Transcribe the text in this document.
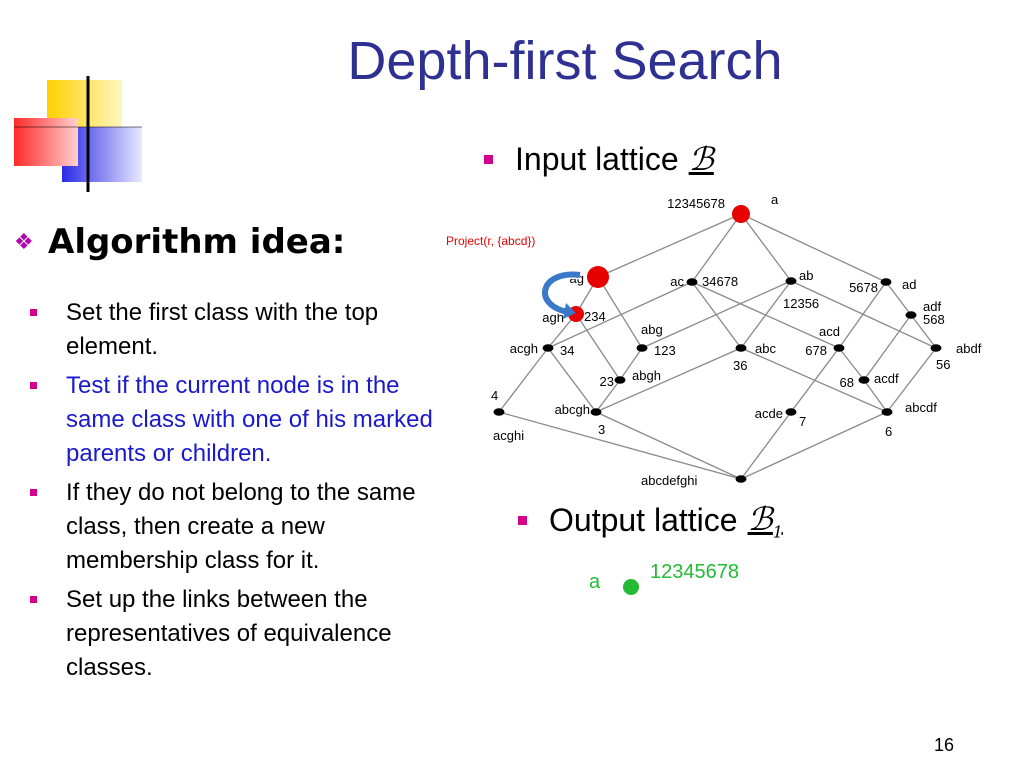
Depth-first Search
❖ Algorithm idea:
Set the first class with the top element.
Test if the current node is in the same class with one of his marked parents or children.
If they do not belong to the same class, then create a new membership class for it.
Set up the links between the representatives of equivalence classes.
Input lattice ℬ
Output lattice ℬ$_1$
a
12345678
ag	ac 34678	ab
12356
ad
5678
agh 234
abg
123	abc
36
acd
678
adf
568
acgh 34
abgh
23	acdf
68
abdf
56
acghi
4
abcgh
3
acde
7
abcdf
6
abcdefghi
Project(r, {abcd})
a 12345678
16
